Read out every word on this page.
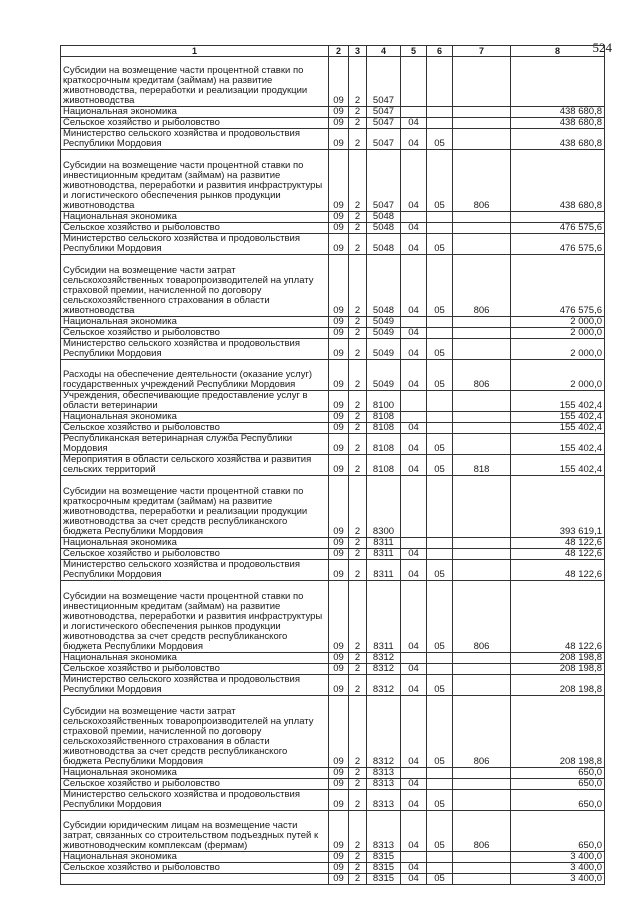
524
1	2	3	4	5	6	7	8
Субсидии на возмещение части процентной ставки по краткосрочным кредитам (займам) на развитие животноводства, переработки и реализации продукции животноводства	09	2	5047				
Национальная экономика	09	2	5047				438 680,8
Сельское хозяйство и рыболовство	09	2	5047	04			438 680,8
Министерство сельского хозяйства и продовольствия Республики Мордовия	09	2	5047	04	05		438 680,8
Субсидии на возмещение части процентной ставки по инвестиционным кредитам (займам) на развитие животноводства, переработки и развития инфраструктуры и логистического обеспечения рынков продукции животноводства	09	2	5047	04	05	806	438 680,8
Национальная экономика	09	2	5048				
Сельское хозяйство и рыболовство	09	2	5048	04			476 575,6
Министерство сельского хозяйства и продовольствия Республики Мордовия	09	2	5048	04	05		476 575,6
Субсидии на возмещение части затрат сельскохозяйственных товаропроизводителей на уплату страховой премии, начисленной по договору сельскохозяйственного страхования в области животноводства	09	2	5048	04	05	806	476 575,6
Национальная экономика	09	2	5049				2 000,0
Сельское хозяйство и рыболовство	09	2	5049	04			2 000,0
Министерство сельского хозяйства и продовольствия Республики Мордовия	09	2	5049	04	05		2 000,0
Расходы на обеспечение деятельности (оказание услуг) государственных учреждений Республики Мордовия	09	2	5049	04	05	806	2 000,0
Учреждения, обеспечивающие предоставление услуг в области ветеринарии	09	2	8100				155 402,4
Национальная экономика	09	2	8108				155 402,4
Сельское хозяйство и рыболовство	09	2	8108	04			155 402,4
Республиканская ветеринарная служба Республики Мордовия	09	2	8108	04	05		155 402,4
Мероприятия в области сельского хозяйства и развития сельских территорий	09	2	8108	04	05	818	155 402,4
Субсидии на возмещение части процентной ставки по краткосрочным кредитам (займам) на развитие животноводства, переработки и реализации продукции животноводства за счет средств республиканского бюджета Республики Мордовия	09	2	8300				393 619,1
Национальная экономика	09	2	8311				48 122,6
Сельское хозяйство и рыболовство	09	2	8311	04			48 122,6
Министерство сельского хозяйства и продовольствия Республики Мордовия	09	2	8311	04	05		48 122,6
Субсидии на возмещение части процентной ставки по инвестиционным кредитам (займам) на развитие животноводства, переработки и развития инфраструктуры и логистического обеспечения рынков продукции животноводства за счет средств республиканского бюджета Республики Мордовия	09	2	8311	04	05	806	48 122,6
Национальная экономика	09	2	8312				208 198,8
Сельское хозяйство и рыболовство	09	2	8312	04			208 198,8
Министерство сельского хозяйства и продовольствия Республики Мордовия	09	2	8312	04	05		208 198,8
Субсидии на возмещение части затрат сельскохозяйственных товаропроизводителей на уплату страховой премии, начисленной по договору сельскохозяйственного страхования в области животноводства за счет средств республиканского бюджета Республики Мордовия	09	2	8312	04	05	806	208 198,8
Национальная экономика	09	2	8313				650,0
Сельское хозяйство и рыболовство	09	2	8313	04			650,0
Министерство сельского хозяйства и продовольствия Республики Мордовия	09	2	8313	04	05		650,0
Субсидии юридическим лицам на возмещение части затрат, связанных со строительством подъездных путей к животноводческим комплексам (фермам)	09	2	8313	04	05	806	650,0
Национальная экономика	09	2	8315				3 400,0
Сельское хозяйство и рыболовство	09	2	8315	04			3 400,0
	09	2	8315	04	05		3 400,0
